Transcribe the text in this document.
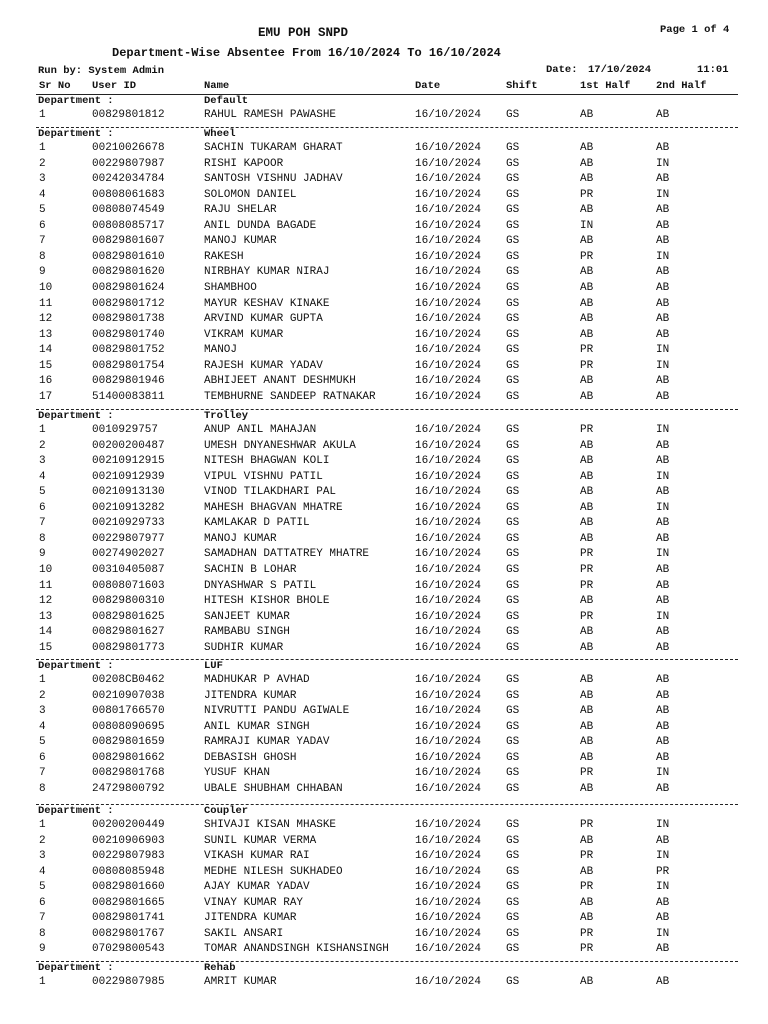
EMU POH SNPD	Page 1 of 4
Department-Wise Absentee From 16/10/2024 To 16/10/2024
Run by: System Admin	Date: 17/10/2024	11:01
Sr No User ID	Name	Date	Shift	1st Half 2nd Half
Department :	Default
1	00829801812	RAHUL RAMESH PAWASHE	16/10/2024 GS	AB	AB
Department :	Wheel
1	00210026678	SACHIN TUKARAM GHARAT	16/10/2024 GS	AB	AB
2	00229807987	RISHI KAPOOR	16/10/2024 GS	AB	IN
3	00242034784	SANTOSH VISHNU JADHAV	16/10/2024 GS	AB	AB
4	00808061683	SOLOMON DANIEL	16/10/2024 GS	PR	IN
5	00808074549	RAJU SHELAR	16/10/2024 GS	AB	AB
6	00808085717	ANIL DUNDA BAGADE	16/10/2024 GS	IN	AB
7	00829801607	MANOJ KUMAR	16/10/2024 GS	AB	AB
8	00829801610	RAKESH	16/10/2024 GS	PR	IN
9	00829801620	NIRBHAY KUMAR NIRAJ	16/10/2024 GS	AB	AB
10	00829801624	SHAMBHOO	16/10/2024 GS	AB	AB
11	00829801712	MAYUR KESHAV KINAKE	16/10/2024 GS	AB	AB
12	00829801738	ARVIND KUMAR GUPTA	16/10/2024 GS	AB	AB
13	00829801740	VIKRAM KUMAR	16/10/2024 GS	AB	AB
14	00829801752	MANOJ	16/10/2024 GS	PR	IN
15	00829801754	RAJESH KUMAR YADAV	16/10/2024 GS	PR	IN
16	00829801946	ABHIJEET ANANT DESHMUKH	16/10/2024 GS	AB	AB
17	51400083811	TEMBHURNE SANDEEP RATNAKAR	16/10/2024 GS	AB	AB
Department :	Trolley
1	0010929757	ANUP ANIL MAHAJAN	16/10/2024 GS	PR	IN
2	00200200487	UMESH DNYANESHWAR AKULA	16/10/2024 GS	AB	AB
3	00210912915	NITESH BHAGWAN KOLI	16/10/2024 GS	AB	AB
4	00210912939	VIPUL VISHNU PATIL	16/10/2024 GS	AB	IN
5	00210913130	VINOD TILAKDHARI PAL	16/10/2024 GS	AB	AB
6	00210913282	MAHESH BHAGVAN MHATRE	16/10/2024 GS	AB	IN
7	00210929733	KAMLAKAR D PATIL	16/10/2024 GS	AB	AB
8	00229807977	MANOJ KUMAR	16/10/2024 GS	AB	AB
9	00274902027	SAMADHAN DATTATREY MHATRE	16/10/2024 GS	PR	IN
10	00310405087	SACHIN B LOHAR	16/10/2024 GS	PR	AB
11	00808071603	DNYASHWAR S PATIL	16/10/2024 GS	PR	AB
12	00829800310	HITESH KISHOR BHOLE	16/10/2024 GS	AB	AB
13	00829801625	SANJEET KUMAR	16/10/2024 GS	PR	IN
14	00829801627	RAMBABU SINGH	16/10/2024 GS	AB	AB
15	00829801773	SUDHIR KUMAR	16/10/2024 GS	AB	AB
Department :	LUF
1	00208CB0462	MADHUKAR P AVHAD	16/10/2024 GS	AB	AB
2	00210907038	JITENDRA KUMAR	16/10/2024 GS	AB	AB
3	00801766570	NIVRUTTI PANDU AGIWALE	16/10/2024 GS	AB	AB
4	00808090695	ANIL KUMAR SINGH	16/10/2024 GS	AB	AB
5	00829801659	RAMRAJI KUMAR YADAV	16/10/2024 GS	AB	AB
6	00829801662	DEBASISH GHOSH	16/10/2024 GS	AB	AB
7	00829801768	YUSUF KHAN	16/10/2024 GS	PR	IN
8	24729800792	UBALE SHUBHAM CHHABAN	16/10/2024 GS	AB	AB
Department :	Coupler
1	00200200449	SHIVAJI KISAN MHASKE	16/10/2024 GS	PR	IN
2	00210906903	SUNIL KUMAR VERMA	16/10/2024 GS	AB	AB
3	00229807983	VIKASH KUMAR RAI	16/10/2024 GS	PR	IN
4	00808085948	MEDHE NILESH SUKHADEO	16/10/2024 GS	AB	PR
5	00829801660	AJAY KUMAR YADAV	16/10/2024 GS	PR	IN
6	00829801665	VINAY KUMAR RAY	16/10/2024 GS	AB	AB
7	00829801741	JITENDRA KUMAR	16/10/2024 GS	AB	AB
8	00829801767	SAKIL ANSARI	16/10/2024 GS	PR	IN
9	07029800543	TOMAR ANANDSINGH KISHANSINGH 16/10/2024 GS	PR	AB
Department :	Rehab
1	00229807985	AMRIT KUMAR	16/10/2024 GS	AB	AB
